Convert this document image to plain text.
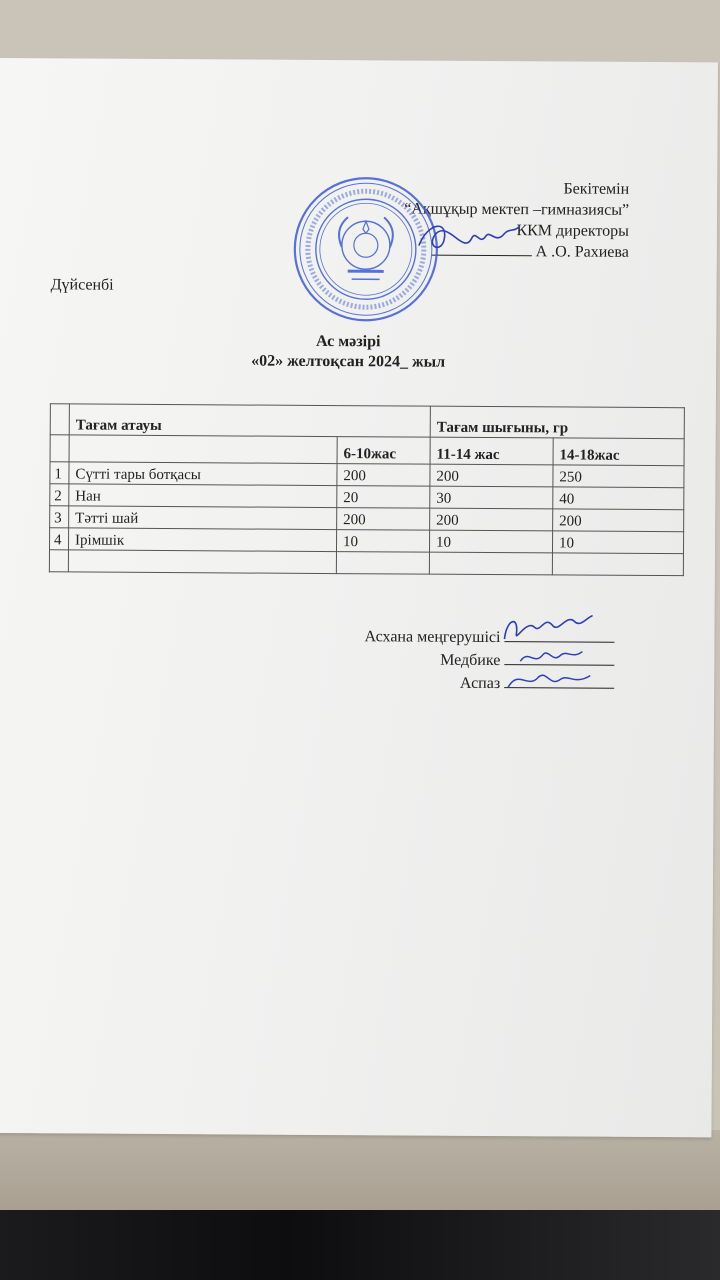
Бекітемін
“Ақшұқыр мектеп –гимназиясы”
ККМ директоры
А .О. Рахиева
Дүйсенбі
Ас мәзірі
«02» желтоқсан 2024_ жыл
	Тағам атауы		Тағам шығыны, гр	
		6-10жас	11-14 жас	14-18жас
1	Сүтті тары ботқасы	200	200	250
2	Нан	20	30	40
3	Тәтті шай	200	200	200
4	Ірімшік	10	10	10

Асхана меңгерушісі
Медбике
Аспаз
